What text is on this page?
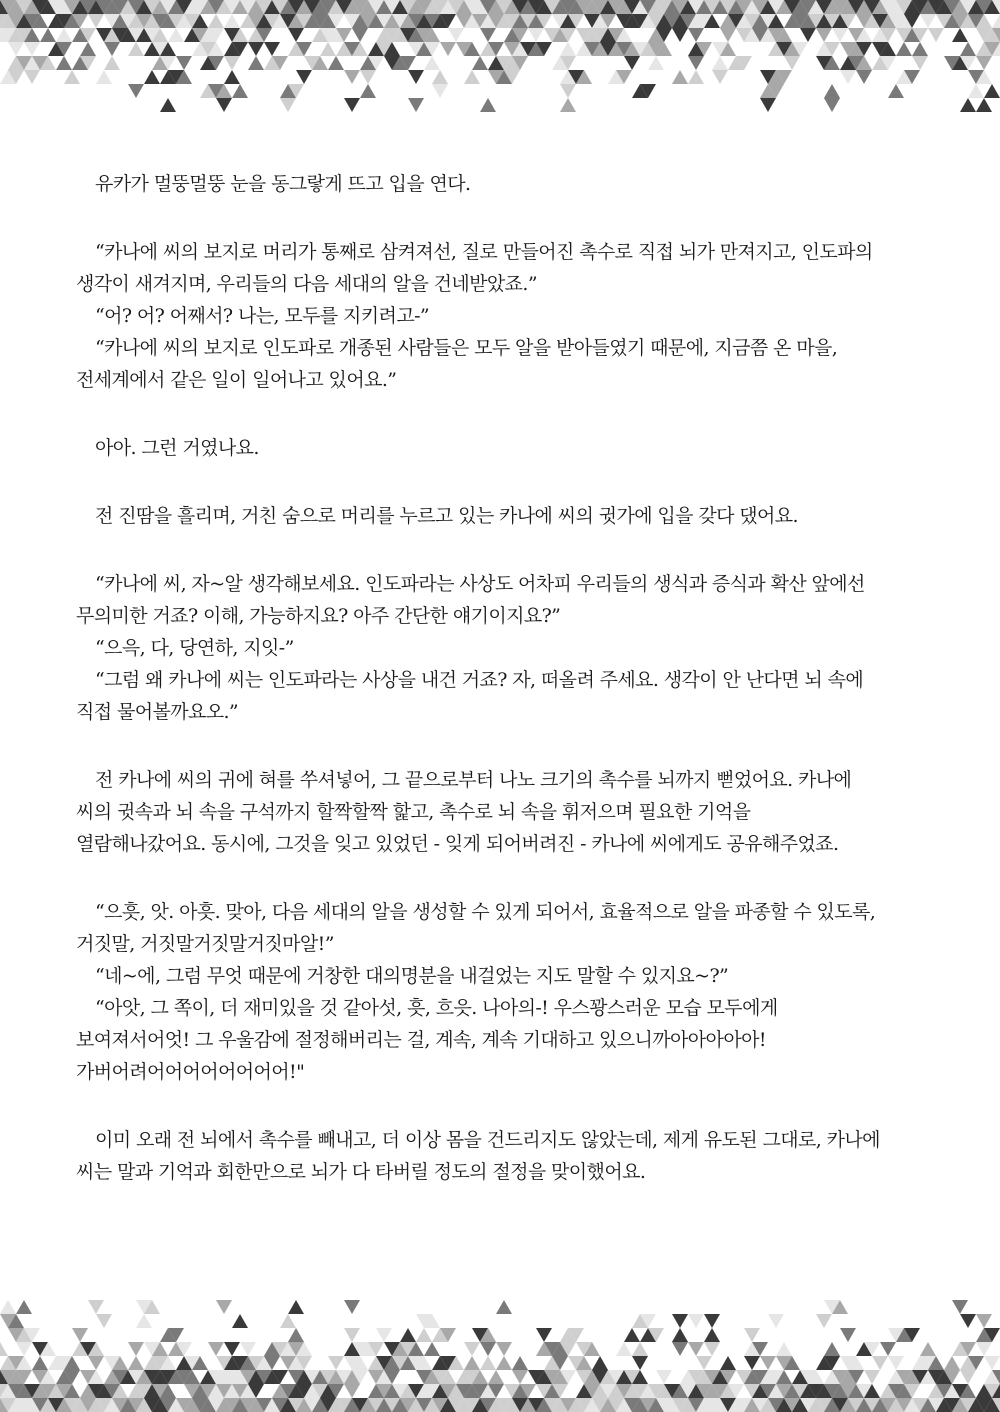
유카가 멀뚱멀뚱 눈을 동그랗게 뜨고 입을 연다.

“카나에 씨의 보지로 머리가 통째로 삼켜져선, 질로 만들어진 촉수로 직접 뇌가 만져지고, 인도파의

생각이 새겨지며, 우리들의 다음 세대의 알을 건네받았죠.”

“어? 어? 어째서? 나는, 모두를 지키려고-”

“카나에 씨의 보지로 인도파로 개종된 사람들은 모두 알을 받아들였기 때문에, 지금쯤 온 마을,

전세계에서 같은 일이 일어나고 있어요.”

아아. 그런 거였나요.

전 진땀을 흘리며, 거친 숨으로 머리를 누르고 있는 카나에 씨의 귓가에 입을 갖다 댔어요.

“카나에 씨, 자~알 생각해보세요. 인도파라는 사상도 어차피 우리들의 생식과 증식과 확산 앞에선

무의미한 거죠? 이해, 가능하지요? 아주 간단한 얘기이지요?”

“으윽, 다, 당연하, 지잇-”

“그럼 왜 카나에 씨는 인도파라는 사상을 내건 거죠? 자, 떠올려 주세요. 생각이 안 난다면 뇌 속에

직접 물어볼까요오.”

전 카나에 씨의 귀에 혀를 쑤셔넣어, 그 끝으로부터 나노 크기의 촉수를 뇌까지 뻗었어요. 카나에

씨의 귓속과 뇌 속을 구석까지 할짝할짝 핥고, 촉수로 뇌 속을 휘저으며 필요한 기억을

열람해나갔어요. 동시에, 그것을 잊고 있었던 - 잊게 되어버려진 - 카나에 씨에게도 공유해주었죠.

“으흣, 앗. 아흣. 맞아, 다음 세대의 알을 생성할 수 있게 되어서, 효율적으로 알을 파종할 수 있도록,

거짓말, 거짓말거짓말거짓마알!”

“네~에, 그럼 무엇 때문에 거창한 대의명분을 내걸었는 지도 말할 수 있지요~?”

“아앗, 그 쪽이, 더 재미있을 것 같아섯, 흣, 흐읏. 나아의-! 우스꽝스러운 모습 모두에게

보여져서어엇! 그 우울감에 절정해버리는 걸, 계속, 계속 기대하고 있으니까아아아아아!

가버어려어어어어어어어어!"

이미 오래 전 뇌에서 촉수를 빼내고, 더 이상 몸을 건드리지도 않았는데, 제게 유도된 그대로, 카나에

씨는 말과 기억과 회한만으로 뇌가 다 타버릴 정도의 절정을 맞이했어요.
